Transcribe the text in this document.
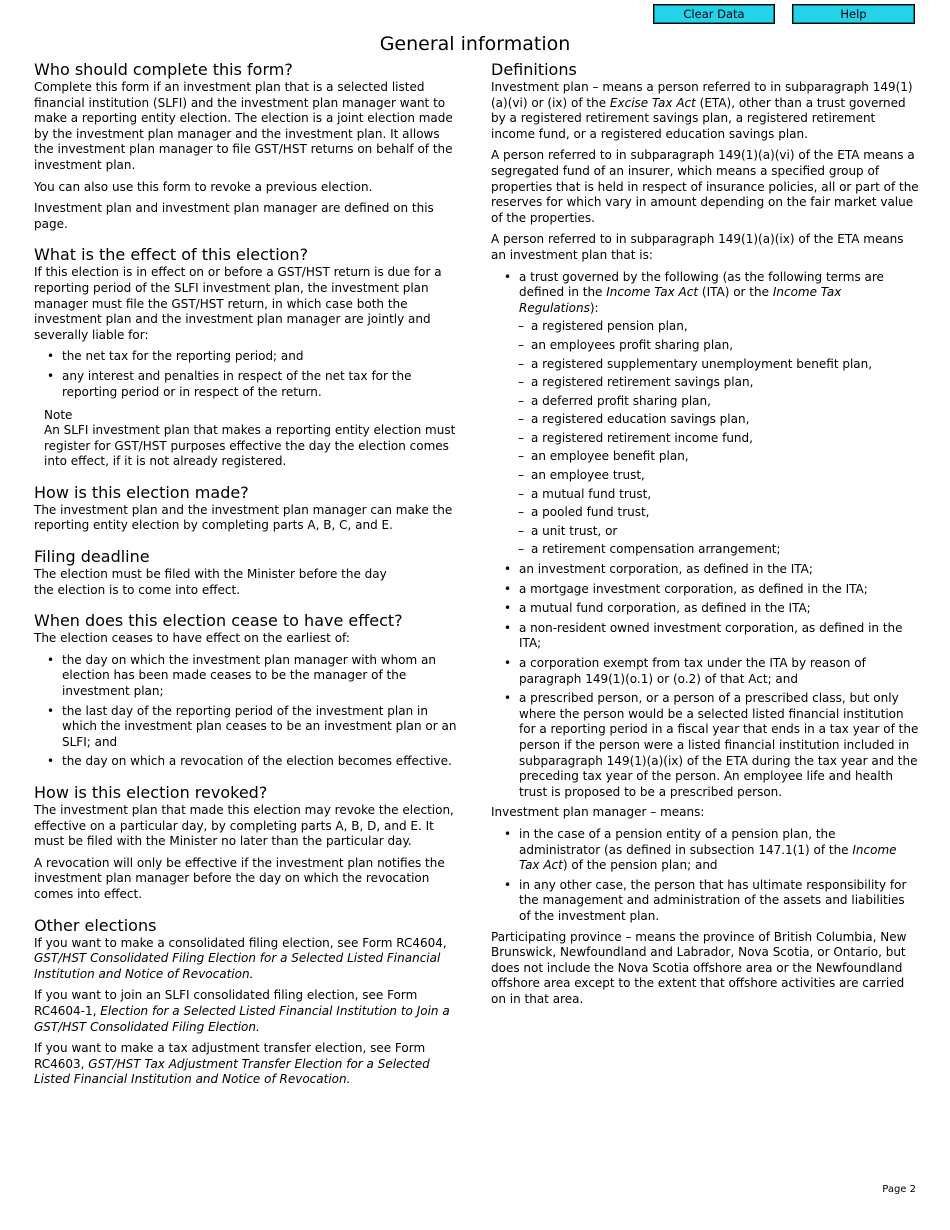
Clear Data	Help
General information
Who should complete this form?

Complete this form if an investment plan that is a selected listed financial institution (SLFI) and the investment plan manager want to make a reporting entity election. The election is a joint election made by the investment plan manager and the investment plan. It allows the investment plan manager to file GST/HST returns on behalf of the investment plan.

You can also use this form to revoke a previous election.

Investment plan and investment plan manager are defined on this page.

What is the effect of this election?

If this election is in effect on or before a GST/HST return is due for a reporting period of the SLFI investment plan, the investment plan manager must file the GST/HST return, in which case both the investment plan and the investment plan manager are jointly and severally liable for:

• the net tax for the reporting period; and
• any interest and penalties in respect of the net tax for the reporting period or in respect of the return.
Note
An SLFI investment plan that makes a reporting entity election must register for GST/HST purposes effective the day the election comes into effect, if it is not already registered.
How is this election made?

The investment plan and the investment plan manager can make the reporting entity election by completing parts A, B, C, and E.

Filing deadline

The election must be filed with the Minister before the day
the election is to come into effect.

When does this election cease to have effect?

The election ceases to have effect on the earliest of:

• the day on which the investment plan manager with whom an election has been made ceases to be the manager of the investment plan;
• the last day of the reporting period of the investment plan in which the investment plan ceases to be an investment plan or an SLFI; and
• the day on which a revocation of the election becomes effective.
How is this election revoked?

The investment plan that made this election may revoke the election, effective on a particular day, by completing parts A, B, D, and E. It must be filed with the Minister no later than the particular day.

A revocation will only be effective if the investment plan notifies the investment plan manager before the day on which the revocation comes into effect.

Other elections

If you want to make a consolidated filing election, see Form RC4604, GST/HST Consolidated Filing Election for a Selected Listed Financial Institution and Notice of Revocation.

If you want to join an SLFI consolidated filing election, see Form RC4604-1, Election for a Selected Listed Financial Institution to Join a GST/HST Consolidated Filing Election.

If you want to make a tax adjustment transfer election, see Form RC4603, GST/HST Tax Adjustment Transfer Election for a Selected Listed Financial Institution and Notice of Revocation.

Definitions

Investment plan – means a person referred to in subparagraph 149(1)(a)(vi) or (ix) of the Excise Tax Act (ETA), other than a trust governed by a registered retirement savings plan, a registered retirement income fund, or a registered education savings plan.

A person referred to in subparagraph 149(1)(a)(vi) of the ETA means a segregated fund of an insurer, which means a specified group of properties that is held in respect of insurance policies, all or part of the reserves for which vary in amount depending on the fair market value of the properties.

A person referred to in subparagraph 149(1)(a)(ix) of the ETA means an investment plan that is:

• a trust governed by the following (as the following terms are defined in the Income Tax Act (ITA) or the Income Tax Regulations):
– a registered pension plan,
– an employees profit sharing plan,
– a registered supplementary unemployment benefit plan,
– a registered retirement savings plan,
– a deferred profit sharing plan,
– a registered education savings plan,
– a registered retirement income fund,
– an employee benefit plan,
– an employee trust,
– a mutual fund trust,
– a pooled fund trust,
– a unit trust, or
– a retirement compensation arrangement;
• an investment corporation, as defined in the ITA;
• a mortgage investment corporation, as defined in the ITA;
• a mutual fund corporation, as defined in the ITA;
• a non-resident owned investment corporation, as defined in the ITA;
• a corporation exempt from tax under the ITA by reason of paragraph 149(1)(o.1) or (o.2) of that Act; and
• a prescribed person, or a person of a prescribed class, but only where the person would be a selected listed financial institution for a reporting period in a fiscal year that ends in a tax year of the person if the person were a listed financial institution included in subparagraph 149(1)(a)(ix) of the ETA during the tax year and the preceding tax year of the person. An employee life and health trust is proposed to be a prescribed person.

Investment plan manager – means:

• in the case of a pension entity of a pension plan, the administrator (as defined in subsection 147.1(1) of the Income Tax Act) of the pension plan; and
• in any other case, the person that has ultimate responsibility for the management and administration of the assets and liabilities of the investment plan.

Participating province – means the province of British Columbia, New Brunswick, Newfoundland and Labrador, Nova Scotia, or Ontario, but does not include the Nova Scotia offshore area or the Newfoundland offshore area except to the extent that offshore activities are carried on in that area.

Page 2
